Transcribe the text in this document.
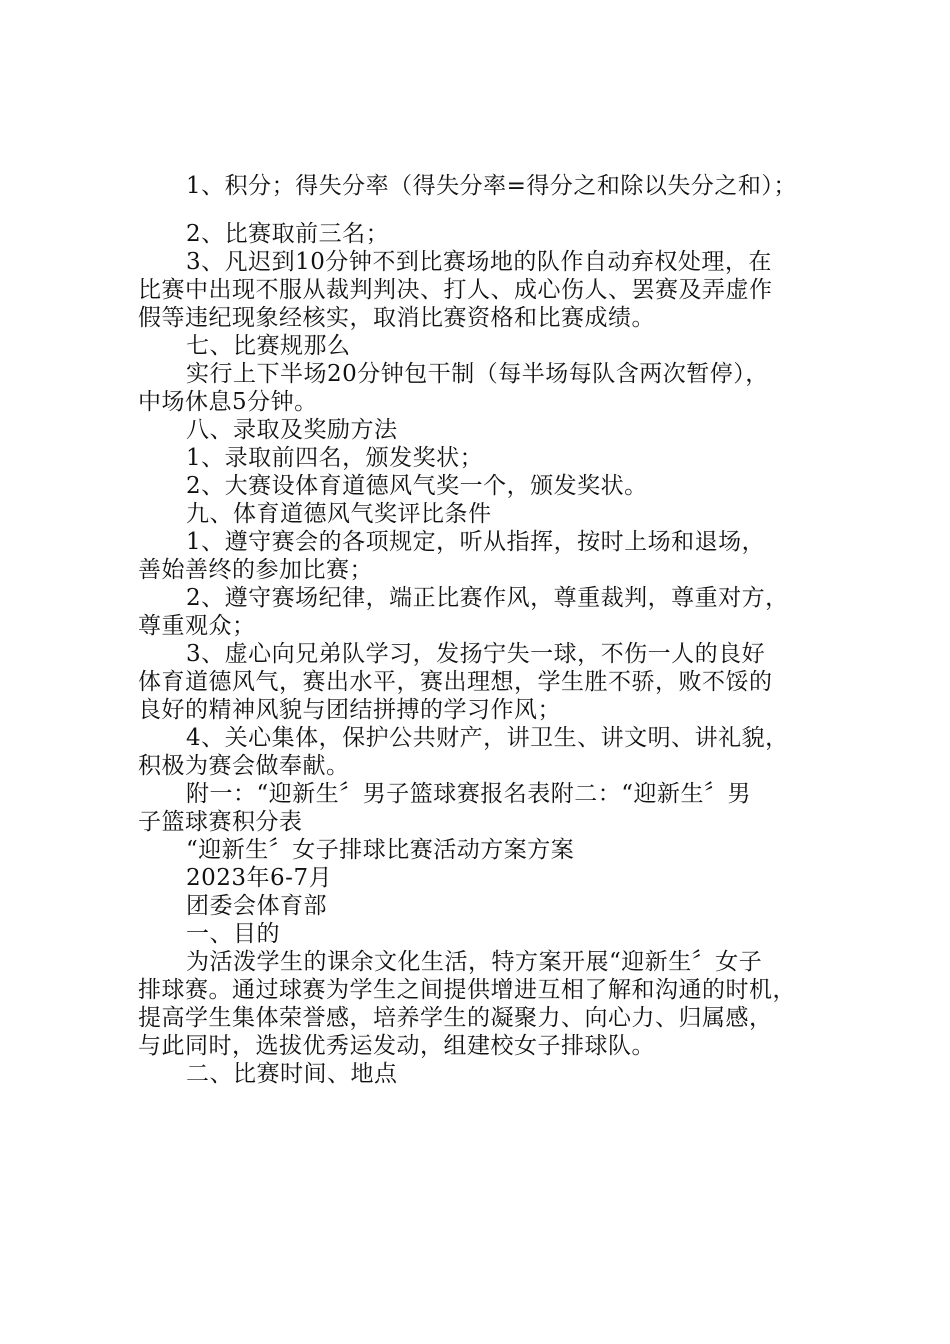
1、积分；得失分率（得失分率=得分之和除以失分之和）；
2、比赛取前三名；
3、凡迟到10分钟不到比赛场地的队作自动弃权处理，在
比赛中出现不服从裁判判决、打人、成心伤人、罢赛及弄虚作
假等违纪现象经核实，取消比赛资格和比赛成绩。
七、比赛规那么
实行上下半场20分钟包干制（每半场每队含两次暂停），
中场休息5分钟。
八、录取及奖励方法
1、录取前四名，颁发奖状；
2、大赛设体育道德风气奖一个，颁发奖状。
九、体育道德风气奖评比条件
1、遵守赛会的各项规定，听从指挥，按时上场和退场，
善始善终的参加比赛；
2、遵守赛场纪律，端正比赛作风，尊重裁判，尊重对方，
尊重观众；
3、虚心向兄弟队学习，发扬宁失一球，不伤一人的良好
体育道德风气，赛出水平，赛出理想，学生胜不骄，败不馁的
良好的精神风貌与团结拼搏的学习作风；
4、关心集体，保护公共财产，讲卫生、讲文明、讲礼貌，
积极为赛会做奉献。
附一：“迎新生〞男子篮球赛报名表附二：“迎新生〞男
子篮球赛积分表
“迎新生〞女子排球比赛活动方案方案
2023年6-7月
团委会体育部
一、目的
为活泼学生的课余文化生活，特方案开展“迎新生〞女子
排球赛。通过球赛为学生之间提供增进互相了解和沟通的时机，
提高学生集体荣誉感，培养学生的凝聚力、向心力、归属感，
与此同时，选拔优秀运发动，组建校女子排球队。
二、比赛时间、地点
